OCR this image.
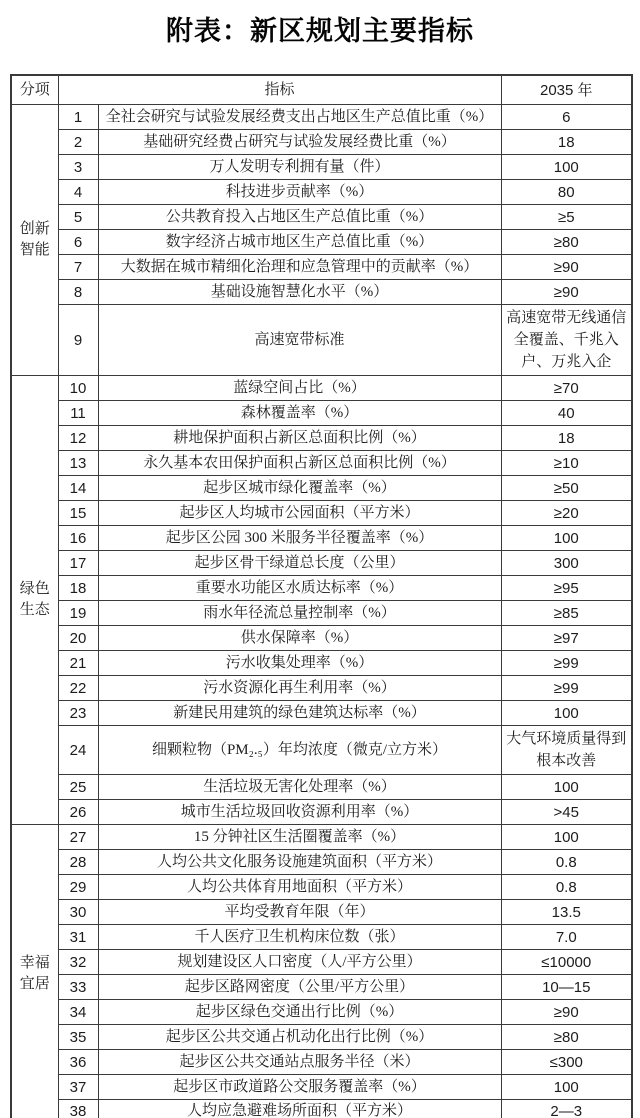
附表：新区规划主要指标
分项	指标		2035 年
创新智能	1	全社会研究与试验发展经费支出占地区生产总值比重（%）	6
	2	基础研究经费占研究与试验发展经费比重（%）	18
	3	万人发明专利拥有量（件）	100
	4	科技进步贡献率（%）	80
	5	公共教育投入占地区生产总值比重（%）	≥5
	6	数字经济占城市地区生产总值比重（%）	≥80
	7	大数据在城市精细化治理和应急管理中的贡献率（%）	≥90
	8	基础设施智慧化水平（%）	≥90
	9	高速宽带标准	高速宽带无线通信全覆盖、千兆入户、万兆入企
绿色生态	10	蓝绿空间占比（%）	≥70
	11	森林覆盖率（%）	40
	12	耕地保护面积占新区总面积比例（%）	18
	13	永久基本农田保护面积占新区总面积比例（%）	≥10
	14	起步区城市绿化覆盖率（%）	≥50
	15	起步区人均城市公园面积（平方米）	≥20
	16	起步区公园 300 米服务半径覆盖率（%）	100
	17	起步区骨干绿道总长度（公里）	300
	18	重要水功能区水质达标率（%）	≥95
	19	雨水年径流总量控制率（%）	≥85
	20	供水保障率（%）	≥97
	21	污水收集处理率（%）	≥99
	22	污水资源化再生利用率（%）	≥99
	23	新建民用建筑的绿色建筑达标率（%）	100
	24	细颗粒物（PM₂.₅）年均浓度（微克/立方米）	大气环境质量得到根本改善
	25	生活垃圾无害化处理率（%）	100
	26	城市生活垃圾回收资源利用率（%）	>45
幸福宜居	27	15 分钟社区生活圈覆盖率（%）	100
	28	人均公共文化服务设施建筑面积（平方米）	0.8
	29	人均公共体育用地面积（平方米）	0.8
	30	平均受教育年限（年）	13.5
	31	千人医疗卫生机构床位数（张）	7.0
	32	规划建设区人口密度（人/平方公里）	≤10000
	33	起步区路网密度（公里/平方公里）	10—15
	34	起步区绿色交通出行比例（%）	≥90
	35	起步区公共交通占机动化出行比例（%）	≥80
	36	起步区公共交通站点服务半径（米）	≤300
	37	起步区市政道路公交服务覆盖率（%）	100
	38	人均应急避难场所面积（平方米）	2—3
